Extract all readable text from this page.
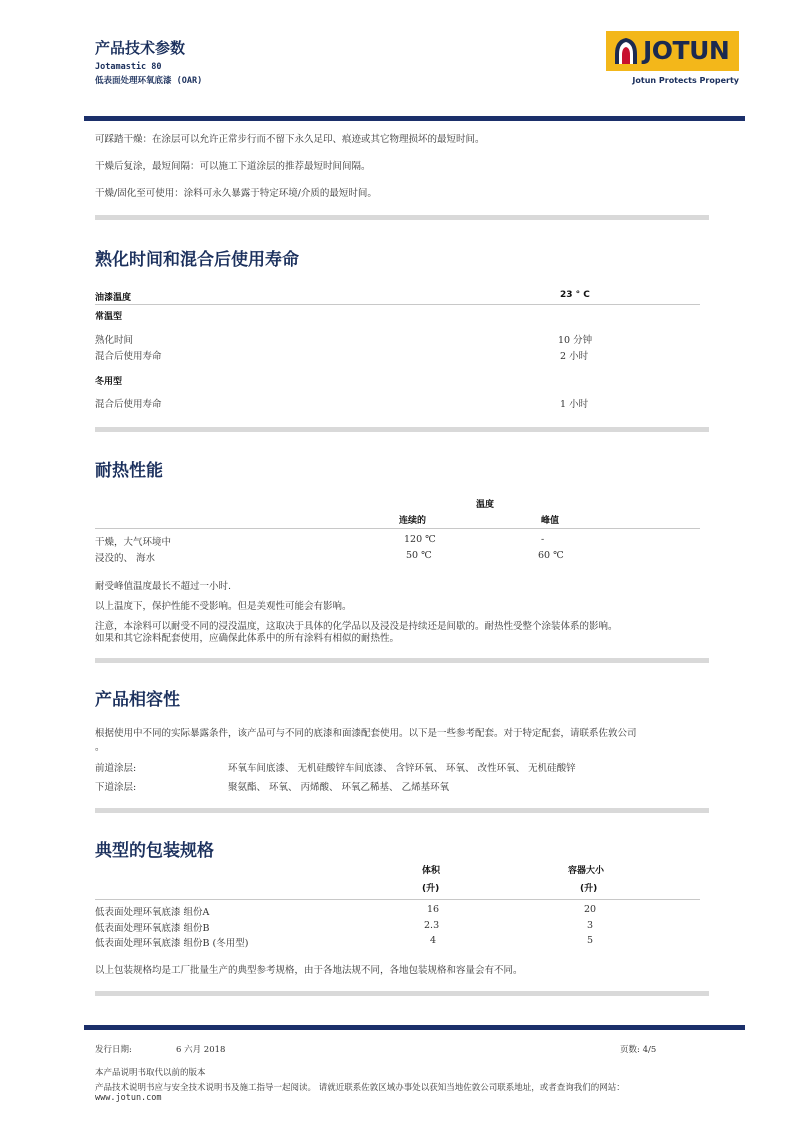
产品技术参数
Jotamastic 80
低表面处理环氧底漆 (OAR)
JOTUN
Jotun Protects Property
可踩踏干燥：在涂层可以允许正常步行而不留下永久足印、痕迹或其它物理损坏的最短时间。
干燥后复涂，最短间隔：可以施工下道涂层的推荐最短时间间隔。
干燥/固化至可使用：涂料可永久暴露于特定环境/介质的最短时间。
熟化时间和混合后使用寿命
油漆温度	23 ° C
常温型
熟化时间	10 分钟
混合后使用寿命	2 小时
冬用型
混合后使用寿命	1 小时
耐热性能
温度
连续的	峰值
干燥，大气环境中	120 ℃	-
浸没的、 海水	50 ℃	60 ℃
耐受峰值温度最长不超过一小时.
以上温度下，保护性能不受影响。但是美观性可能会有影响。
注意，本涂料可以耐受不同的浸没温度，这取决于具体的化学品以及浸没是持续还是间歇的。耐热性受整个涂装体系的影响。
如果和其它涂料配套使用，应确保此体系中的所有涂料有相似的耐热性。
产品相容性
根据使用中不同的实际暴露条件，该产品可与不同的底漆和面漆配套使用。以下是一些参考配套。对于特定配套，请联系佐敦公司
。
前道涂层:	环氧车间底漆、 无机硅酸锌车间底漆、 含锌环氧、 环氧、 改性环氧、 无机硅酸锌
下道涂层:	聚氨酯、 环氧、 丙烯酸、 环氧乙稀基、 乙烯基环氧
典型的包装规格
体积
(升)
容器大小
(升)
低表面处理环氧底漆 组份A	16	20
低表面处理环氧底漆 组份B	2.3	3
低表面处理环氧底漆 组份B (冬用型)	4	5
以上包装规格均是工厂批量生产的典型参考规格，由于各地法规不同，各地包装规格和容量会有不同。
发行日期:	6 六月 2018	页数: 4/5
本产品说明书取代以前的版本
产品技术说明书应与安全技术说明书及施工指导一起阅读。 请就近联系佐敦区域办事处以获知当地佐敦公司联系地址，或者查询我们的网站：
www.jotun.com
